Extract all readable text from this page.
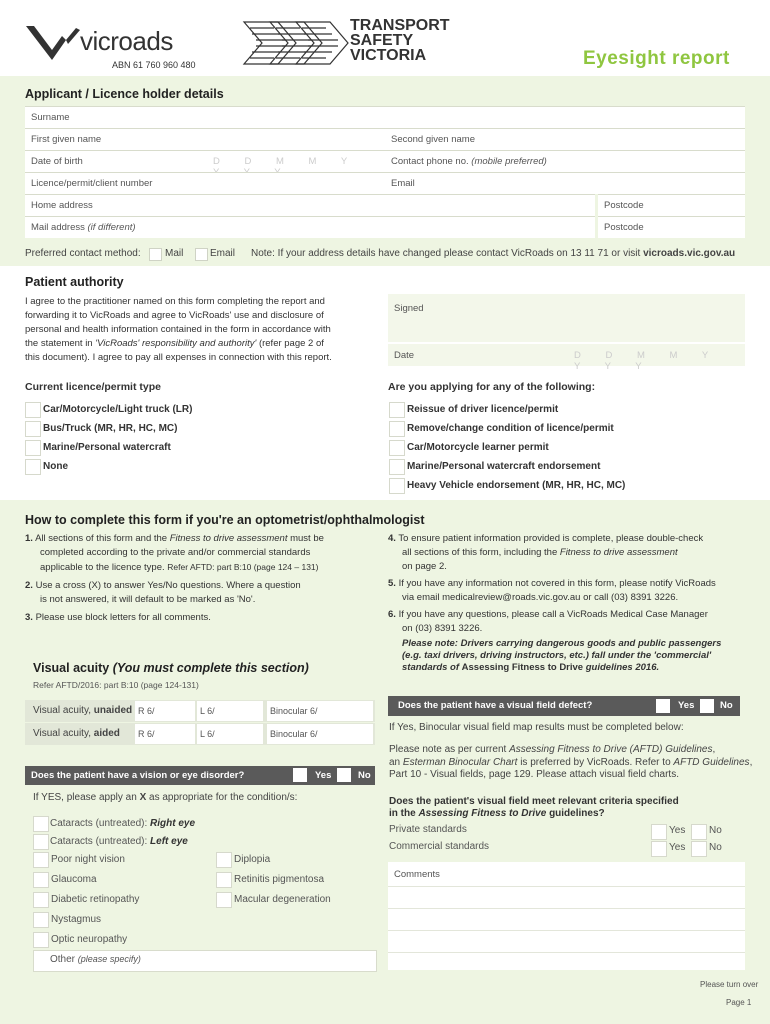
vicroads
ABN 61 760 960 480
TRANSPORT
SAFETY
VICTORIA	Eyesight report
Applicant / Licence holder details
Surname
First given name	Second given name
Date of birth	D D M M Y	Contact phone no. (mobile preferred)
Licence/permit/client number	Email
Home address	Postcode
Mail address (if different)	Postcode
Preferred contact method: Mail	Email Note: If your address details have changed please contact VicRoads on 13 11 71 or visit vicroads.vic.gov.au
Patient authority
I agree to the practitioner named on this form completing the report and
forwarding it to VicRoads and agree to VicRoads' use and disclosure of
personal and health information contained in the form in accordance with
the statement in 'VicRoads' responsibility and authority' (refer page 2 of
this document). I agree to pay all expenses in connection with this report.
Signed
Date	D D M M Y Y Y Y
Current licence/permit type
Car/Motorcycle/Light truck (LR)
Bus/Truck (MR, HR, HC, MC)
Marine/Personal watercraft
None
Are you applying for any of the following:
Reissue of driver licence/permit
Remove/change condition of licence/permit
Car/Motorcycle learner permit
Marine/Personal watercraft endorsement
Heavy Vehicle endorsement (MR, HR, HC, MC)
How to complete this form if you're an optometrist/ophthalmologist
1. All sections of this form and the Fitness to drive assessment must be
completed according to the private and/or commercial standards
applicable to the licence type. Refer AFTD: part B:10 (page 124 – 131)
2. Use a cross (X) to answer Yes/No questions. Where a question
is not answered, it will default to be marked as 'No'.
3. Please use block letters for all comments.
4. To ensure patient information provided is complete, please double-check
all sections of this form, including the Fitness to drive assessment
on page 2.
5. If you have any information not covered in this form, please notify VicRoads
via email medicalreview@roads.vic.gov.au or call (03) 8391 3226.
6. If you have any questions, please call a VicRoads Medical Case Manager
on (03) 8391 3226.
Please note: Drivers carrying dangerous goods and public passengers
(e.g. taxi drivers, driving instructors, etc.) fall under the 'commercial'
standards of Assessing Fitness to Drive guidelines 2016.
Visual acuity (You must complete this section)
Refer AFTD/2016: part B:10 (page 124-131)
Visual acuity, unaided R 6/	L 6/	Binocular 6/
Visual acuity, aided R 6/	L 6/	Binocular 6/
Does the patient have a vision or eye disorder?	Yes	No
If YES, please apply an X as appropriate for the condition/s:
Cataracts (untreated): Right eye
Cataracts (untreated): Left eye
Poor night vision
Glaucoma
Diabetic retinopathy
Nystagmus
Optic neuropathy
Diplopia
Retinitis pigmentosa
Macular degeneration
Other (please specify)
Does the patient have a visual field defect?	Yes	No
If Yes, Binocular visual field map results must be completed below:
Please note as per current Assessing Fitness to Drive (AFTD) Guidelines,
an Esterman Binocular Chart is preferred by VicRoads. Refer to AFTD Guidelines,
Part 10 - Visual fields, page 129. Please attach visual field charts.
Does the patient's visual field meet relevant criteria specified
in the Assessing Fitness to Drive guidelines?
Private standards	Yes No
Commercial standards	Yes No
Comments
Please turn over
Page 1
